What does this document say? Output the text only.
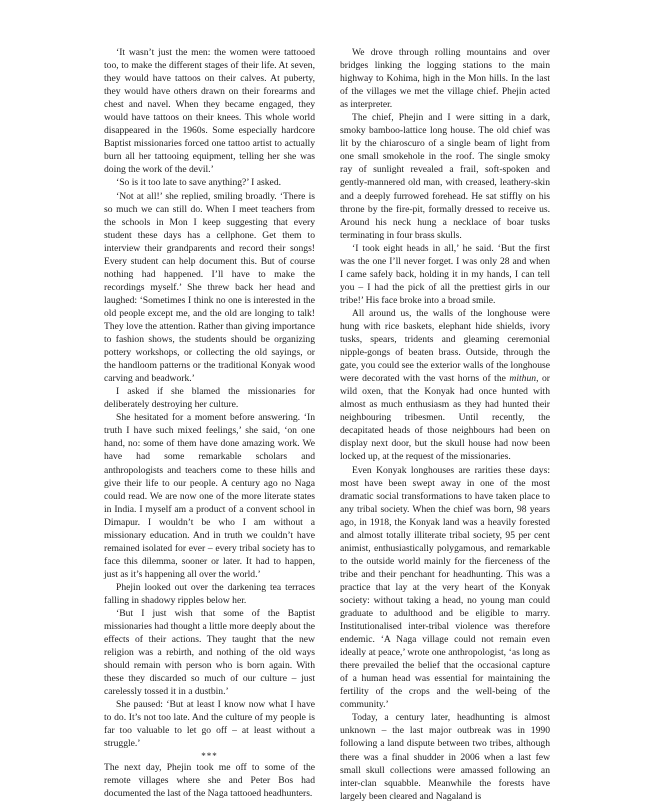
‘It wasn’t just the men: the women were tattooed too, to make the different stages of their life. At seven, they would have tattoos on their calves. At puberty, they would have others drawn on their forearms and chest and navel. When they became engaged, they would have tattoos on their knees. This whole world disappeared in the 1960s. Some especially hardcore Baptist missionaries forced one tattoo artist to actually burn all her tattooing equipment, telling her she was doing the work of the devil.’

‘So is it too late to save anything?’ I asked.

‘Not at all!’ she replied, smiling broadly. ‘There is so much we can still do. When I meet teachers from the schools in Mon I keep suggesting that every student these days has a cellphone. Get them to interview their grandparents and record their songs! Every student can help document this. But of course nothing had happened. I’ll have to make the recordings myself.’ She threw back her head and laughed: ‘Sometimes I think no one is interested in the old people except me, and the old are longing to talk! They love the attention. Rather than giving importance to fashion shows, the students should be organizing pottery workshops, or collecting the old sayings, or the handloom patterns or the traditional Konyak wood carving and beadwork.’

I asked if she blamed the missionaries for deliberately destroying her culture.

She hesitated for a moment before answering. ‘In truth I have such mixed feelings,’ she said, ‘on one hand, no: some of them have done amazing work. We have had some remarkable scholars and anthropologists and teachers come to these hills and give their life to our people. A century ago no Naga could read. We are now one of the more literate states in India. I myself am a product of a convent school in Dimapur. I wouldn’t be who I am without a missionary education. And in truth we couldn’t have remained isolated for ever – every tribal society has to face this dilemma, sooner or later. It had to happen, just as it’s happening all over the world.’

Phejin looked out over the darkening tea terraces falling in shadowy ripples below her.

‘But I just wish that some of the Baptist missionaries had thought a little more deeply about the effects of their actions. They taught that the new religion was a rebirth, and nothing of the old ways should remain with person who is born again. With these they discarded so much of our culture – just carelessly tossed it in a dustbin.’

She paused: ‘But at least I know now what I have to do. It’s not too late. And the culture of my people is far too valuable to let go off – at least without a struggle.’

***

The next day, Phejin took me off to some of the remote villages where she and Peter Bos had documented the last of the Naga tattooed headhunters.

We drove through rolling mountains and over bridges linking the logging stations to the main highway to Kohima, high in the Mon hills. In the last of the villages we met the village chief. Phejin acted as interpreter.

The chief, Phejin and I were sitting in a dark, smoky bamboo-lattice long house. The old chief was lit by the chiaroscuro of a single beam of light from one small smokehole in the roof. The single smoky ray of sunlight revealed a frail, soft-spoken and gently-mannered old man, with creased, leathery-skin and a deeply furrowed forehead. He sat stiffly on his throne by the fire-pit, formally dressed to receive us. Around his neck hung a necklace of boar tusks terminating in four brass skulls.

‘I took eight heads in all,’ he said. ‘But the first was the one I’ll never forget. I was only 28 and when I came safely back, holding it in my hands, I can tell you – I had the pick of all the prettiest girls in our tribe!’ His face broke into a broad smile.

All around us, the walls of the longhouse were hung with rice baskets, elephant hide shields, ivory tusks, spears, tridents and gleaming ceremonial nipple-gongs of beaten brass. Outside, through the gate, you could see the exterior walls of the longhouse were decorated with the vast horns of the mithun, or wild oxen, that the Konyak had once hunted with almost as much enthusiasm as they had hunted their neighbouring tribesmen. Until recently, the decapitated heads of those neighbours had been on display next door, but the skull house had now been locked up, at the request of the missionaries.

Even Konyak longhouses are rarities these days: most have been swept away in one of the most dramatic social transformations to have taken place to any tribal society. When the chief was born, 98 years ago, in 1918, the Konyak land was a heavily forested and almost totally illiterate tribal society, 95 per cent animist, enthusiastically polygamous, and remarkable to the outside world mainly for the fierceness of the tribe and their penchant for headhunting. This was a practice that lay at the very heart of the Konyak society: without taking a head, no young man could graduate to adulthood and be eligible to marry. Institutionalised inter-tribal violence was therefore endemic. ‘A Naga village could not remain even ideally at peace,’ wrote one anthropologist, ‘as long as there prevailed the belief that the occasional capture of a human head was essential for maintaining the fertility of the crops and the well-being of the community.’

Today, a century later, headhunting is almost unknown – the last major outbreak was in 1990 following a land dispute between two tribes, although there was a final shudder in 2006 when a last few small skull collections were amassed following an inter-clan squabble. Meanwhile the forests have largely been cleared and Nagaland is
